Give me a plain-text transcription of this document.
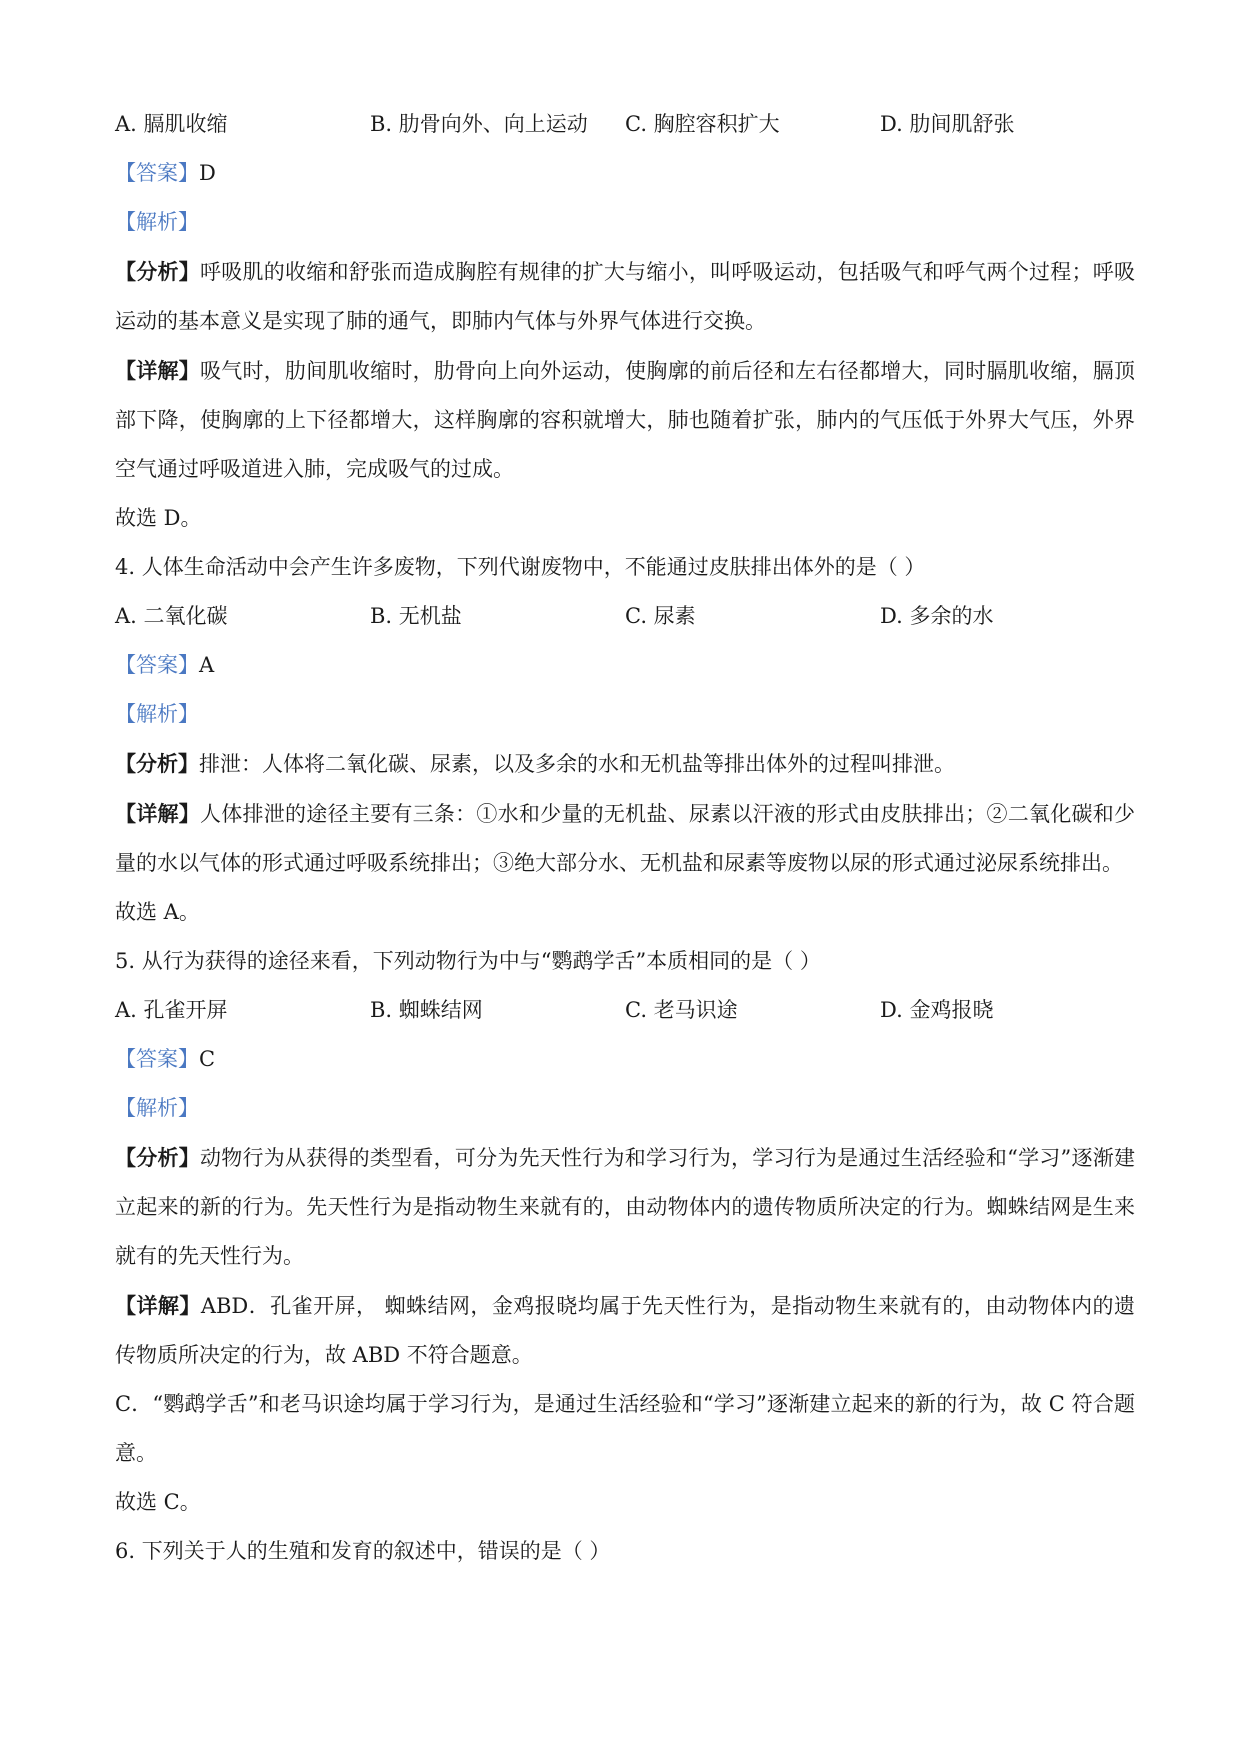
A. 膈肌收缩	B. 肋骨向外、向上运动	C. 胸腔容积扩大	D. 肋间肌舒张
【答案】D
【解析】
【分析】呼吸肌的收缩和舒张而造成胸腔有规律的扩大与缩小，叫呼吸运动，包括吸气和呼气两个过程；呼吸运动的基本意义是实现了肺的通气，即肺内气体与外界气体进行交换。
【详解】吸气时，肋间肌收缩时，肋骨向上向外运动，使胸廓的前后径和左右径都增大，同时膈肌收缩，膈顶部下降，使胸廓的上下径都增大，这样胸廓的容积就增大，肺也随着扩张，肺内的气压低于外界大气压，外界空气通过呼吸道进入肺，完成吸气的过成。
故选 D。
4. 人体生命活动中会产生许多废物，下列代谢废物中，不能通过皮肤排出体外的是（ ）
A. 二氧化碳	B. 无机盐	C. 尿素	D. 多余的水
【答案】A
【解析】
【分析】排泄：人体将二氧化碳、尿素，以及多余的水和无机盐等排出体外的过程叫排泄。
【详解】人体排泄的途径主要有三条：①水和少量的无机盐、尿素以汗液的形式由皮肤排出；②二氧化碳和少量的水以气体的形式通过呼吸系统排出；③绝大部分水、无机盐和尿素等废物以尿的形式通过泌尿系统排出。
故选 A。
5. 从行为获得的途径来看，下列动物行为中与“鹦鹉学舌”本质相同的是（ ）
A. 孔雀开屏	B. 蜘蛛结网	C. 老马识途	D. 金鸡报晓
【答案】C
【解析】
【分析】动物行为从获得的类型看，可分为先天性行为和学习行为，学习行为是通过生活经验和“学习”逐渐建立起来的新的行为。先天性行为是指动物生来就有的，由动物体内的遗传物质所决定的行为。蜘蛛结网是生来就有的先天性行为。
【详解】ABD．孔雀开屏， 蜘蛛结网，金鸡报晓均属于先天性行为，是指动物生来就有的，由动物体内的遗传物质所决定的行为，故 ABD 不符合题意。
C．“鹦鹉学舌”和老马识途均属于学习行为，是通过生活经验和“学习”逐渐建立起来的新的行为，故 C 符合题意。
故选 C。
6. 下列关于人的生殖和发育的叙述中，错误的是（ ）
